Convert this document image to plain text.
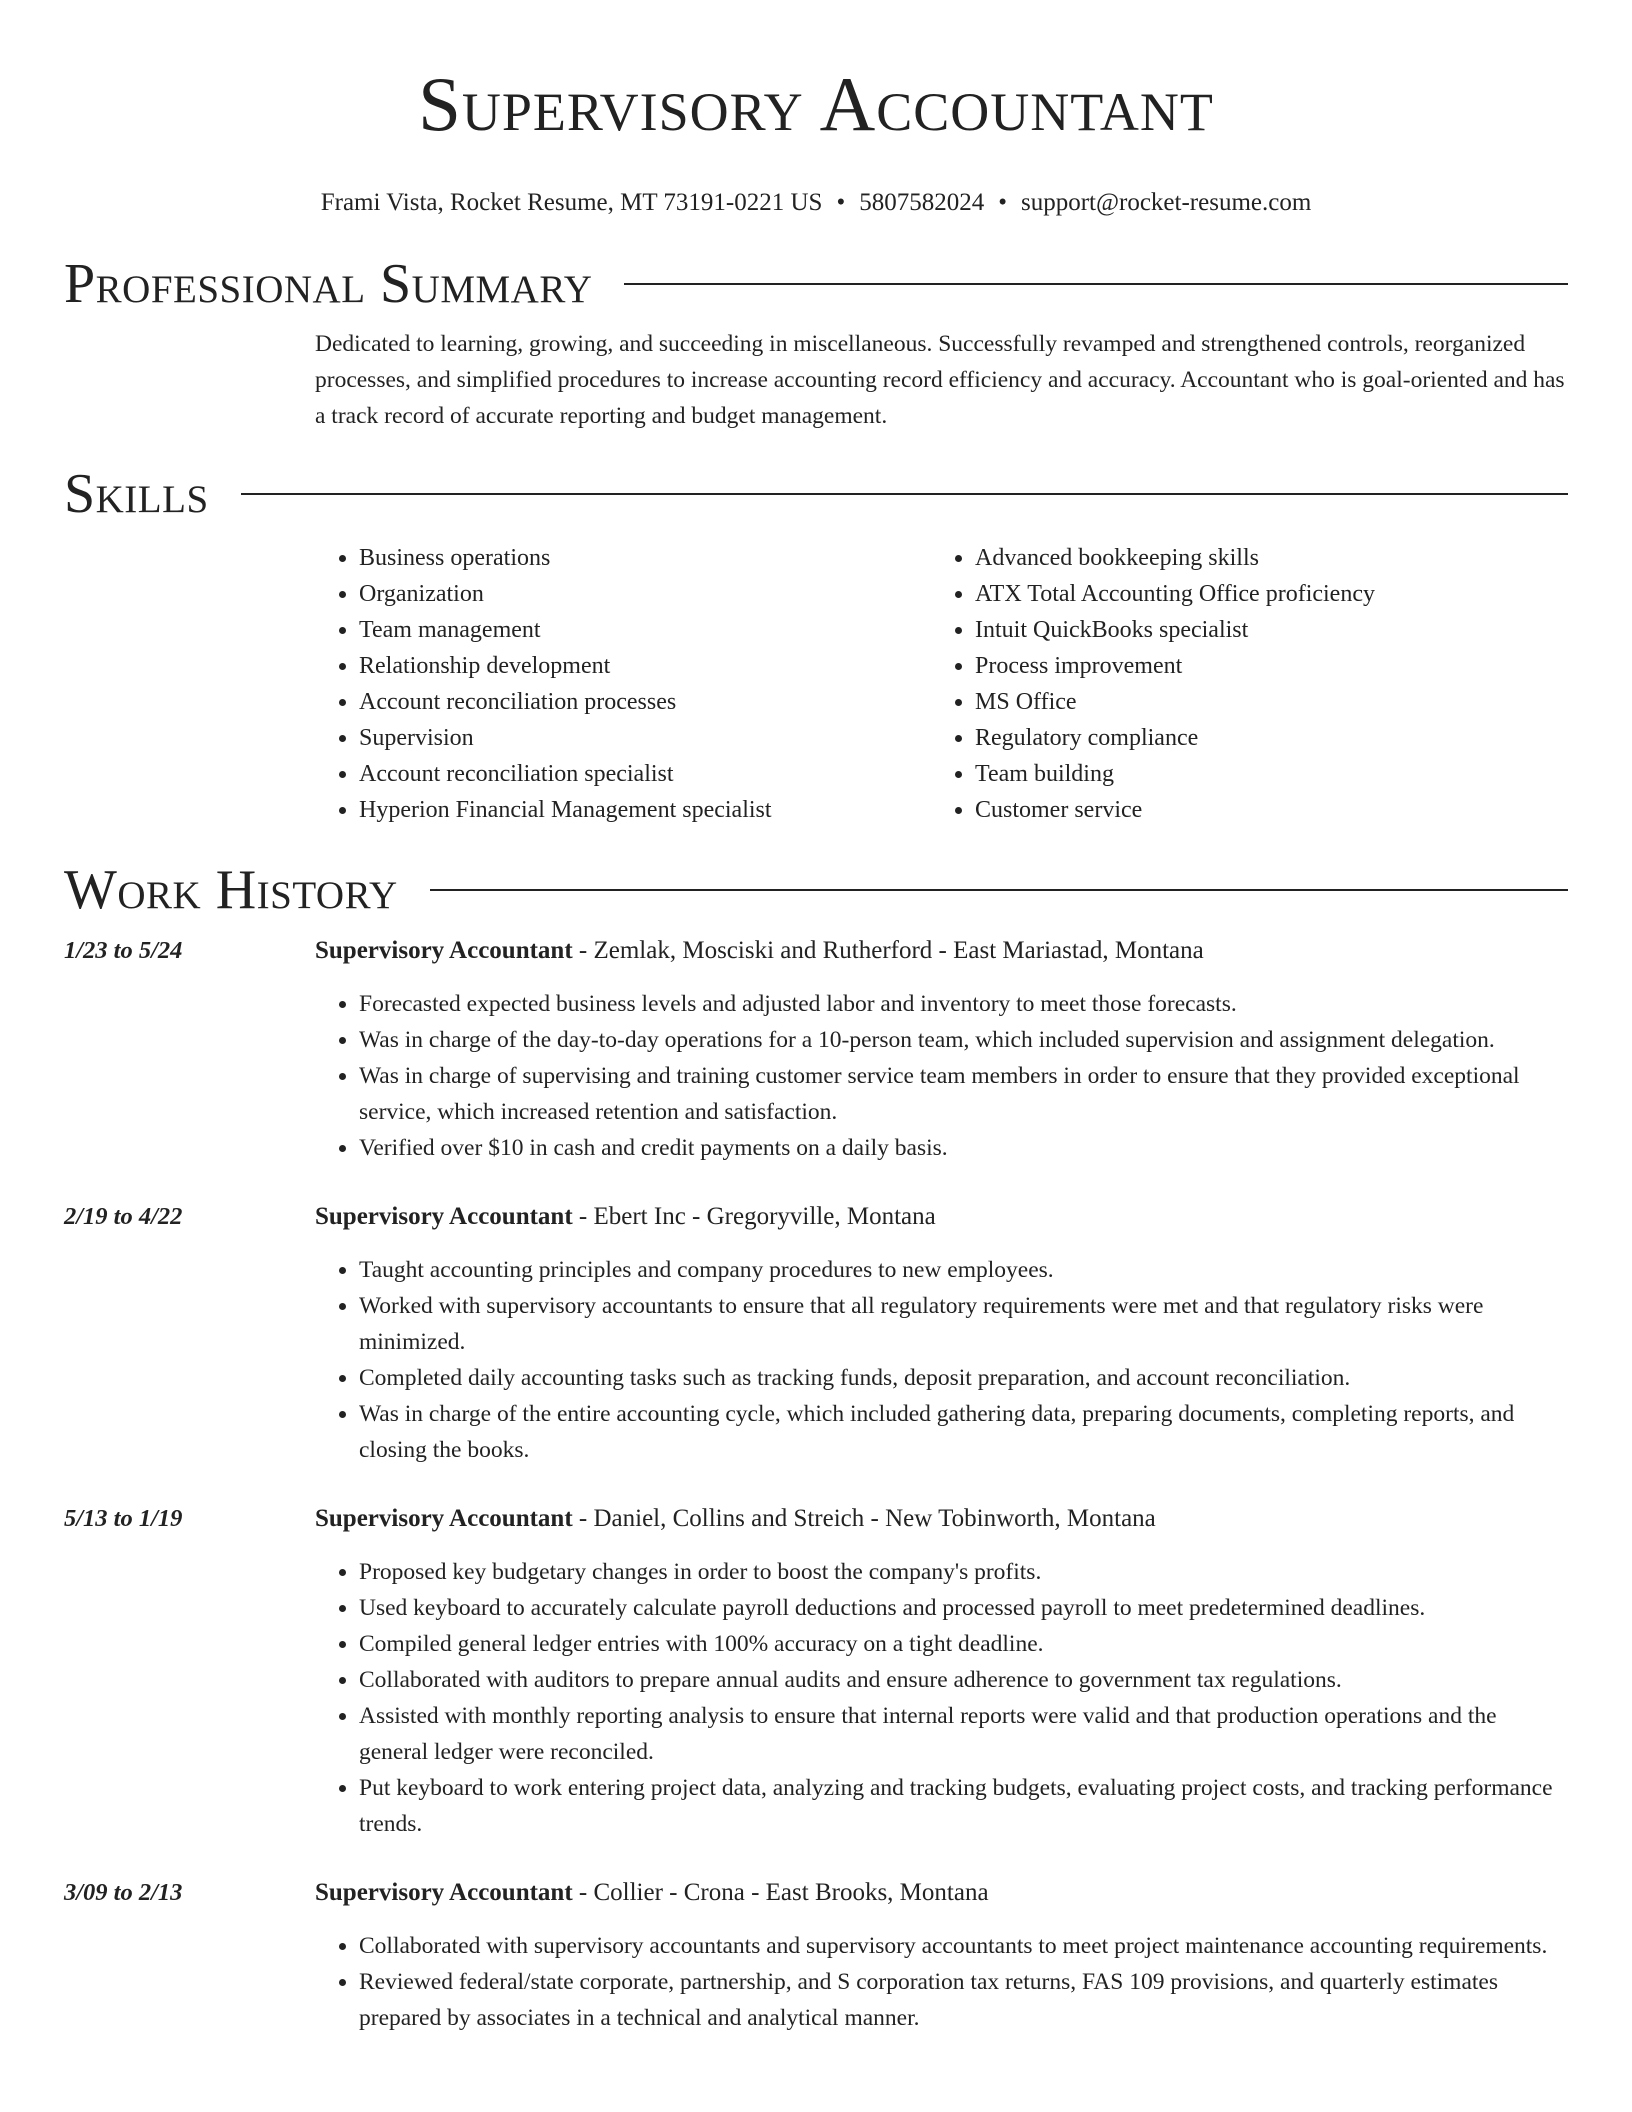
Supervisory Accountant
Frami Vista, Rocket Resume, MT 73191-0221 US • 5807582024 • support@rocket-resume.com
Professional Summary

Dedicated to learning, growing, and succeeding in miscellaneous. Successfully revamped and strengthened controls, reorganized processes, and simplified procedures to increase accounting record efficiency and accuracy. Accountant who is goal-oriented and has a track record of accurate reporting and budget management.

Skills
• Business operations
• Organization
• Team management
• Relationship development
• Account reconciliation processes
• Supervision
• Account reconciliation specialist
• Hyperion Financial Management specialist
• Advanced bookkeeping skills
• ATX Total Accounting Office proficiency
• Intuit QuickBooks specialist
• Process improvement
• MS Office
• Regulatory compliance
• Team building
• Customer service
Work History
1/23 to 5/24	Supervisory Accountant - Zemlak, Mosciski and Rutherford - East Mariastad, Montana
• Forecasted expected business levels and adjusted labor and inventory to meet those forecasts.
• Was in charge of the day-to-day operations for a 10-person team, which included supervision and assignment delegation.
• Was in charge of supervising and training customer service team members in order to ensure that they provided exceptional service, which increased retention and satisfaction.
• Verified over $10 in cash and credit payments on a daily basis.
2/19 to 4/22	Supervisory Accountant - Ebert Inc - Gregoryville, Montana
• Taught accounting principles and company procedures to new employees.
• Worked with supervisory accountants to ensure that all regulatory requirements were met and that regulatory risks were minimized.
• Completed daily accounting tasks such as tracking funds, deposit preparation, and account reconciliation.
• Was in charge of the entire accounting cycle, which included gathering data, preparing documents, completing reports, and closing the books.
5/13 to 1/19	Supervisory Accountant - Daniel, Collins and Streich - New Tobinworth, Montana
• Proposed key budgetary changes in order to boost the company's profits.
• Used keyboard to accurately calculate payroll deductions and processed payroll to meet predetermined deadlines.
• Compiled general ledger entries with 100% accuracy on a tight deadline.
• Collaborated with auditors to prepare annual audits and ensure adherence to government tax regulations.
• Assisted with monthly reporting analysis to ensure that internal reports were valid and that production operations and the general ledger were reconciled.
• Put keyboard to work entering project data, analyzing and tracking budgets, evaluating project costs, and tracking performance trends.
3/09 to 2/13	Supervisory Accountant - Collier - Crona - East Brooks, Montana
• Collaborated with supervisory accountants and supervisory accountants to meet project maintenance accounting requirements.
• Reviewed federal/state corporate, partnership, and S corporation tax returns, FAS 109 provisions, and quarterly estimates prepared by associates in a technical and analytical manner.
